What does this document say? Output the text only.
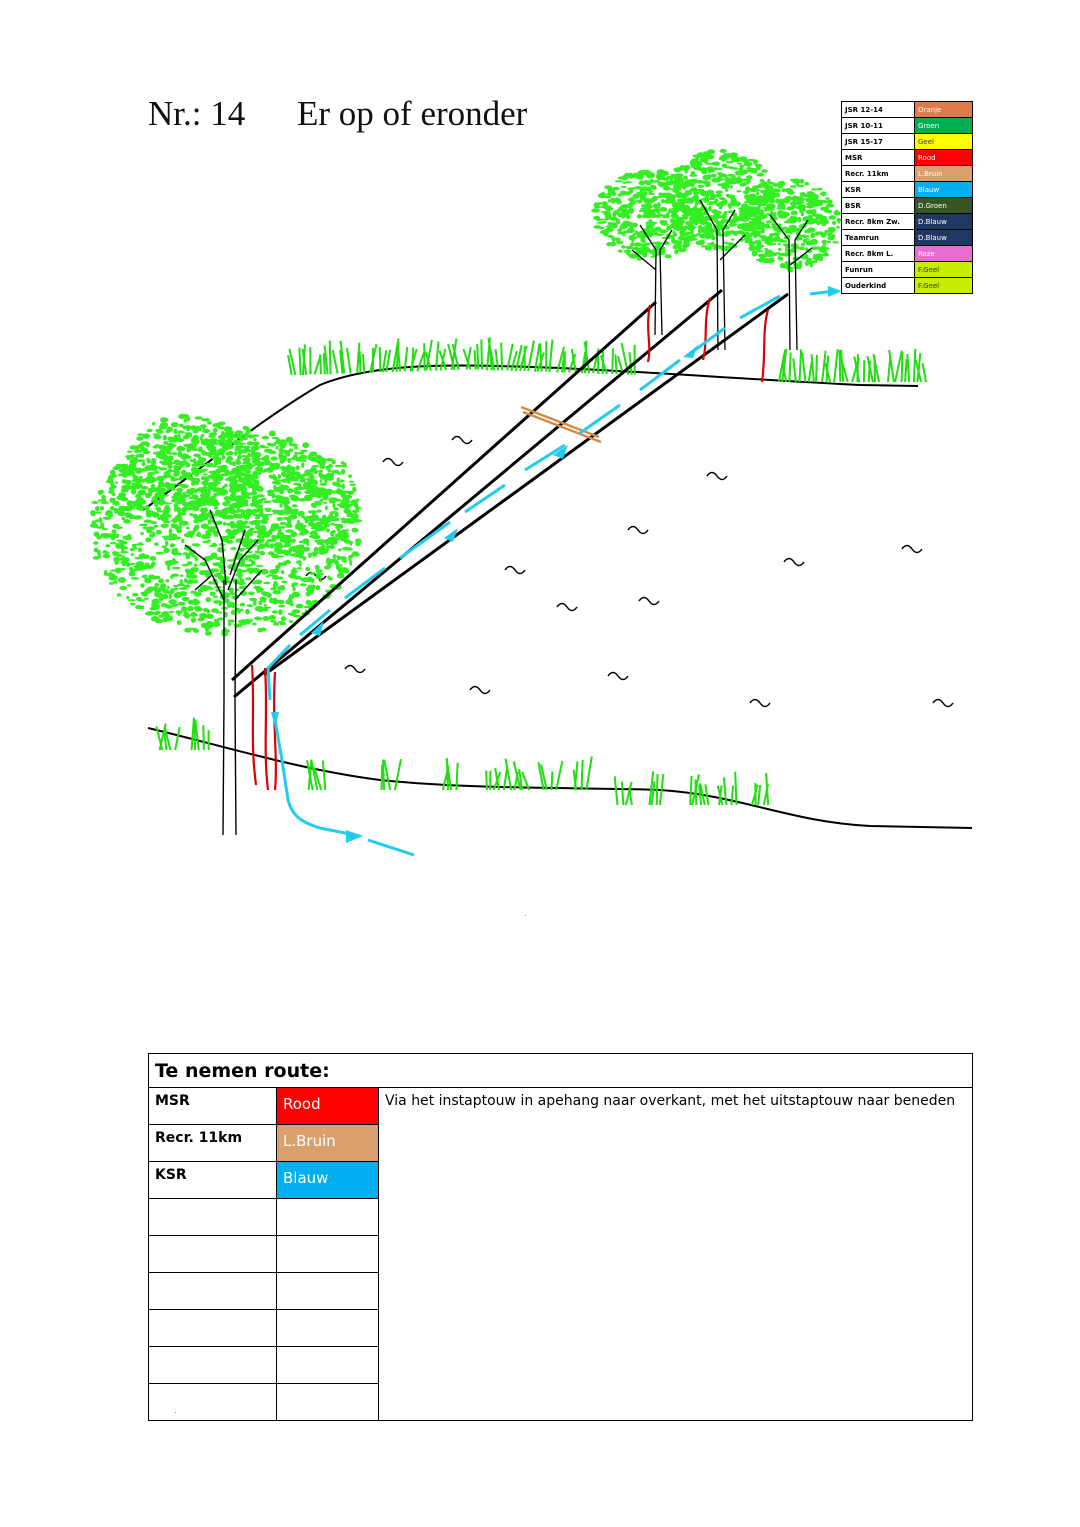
Nr.: 14 Er op of eronder	JSR 12-14	Oranje
JSR 10-11	Groen
JSR 15-17	Geel
MSR	Rood
Recr. 11km	L.Bruin
KSR	Blauw
BSR	D.Groen
Recr. 8km Zw.	D.Blauw
Teamrun	D.Blauw
Recr. 8km L.	Roze
Funrun	F.Geel
Ouderkind	F.Geel
Te nemen route:		
MSR	Rood	Via het instaptouw in apehang naar overkant, met het uitstaptouw naar beneden
Recr. 11km	L.Bruin	
KSR	Blauw	
